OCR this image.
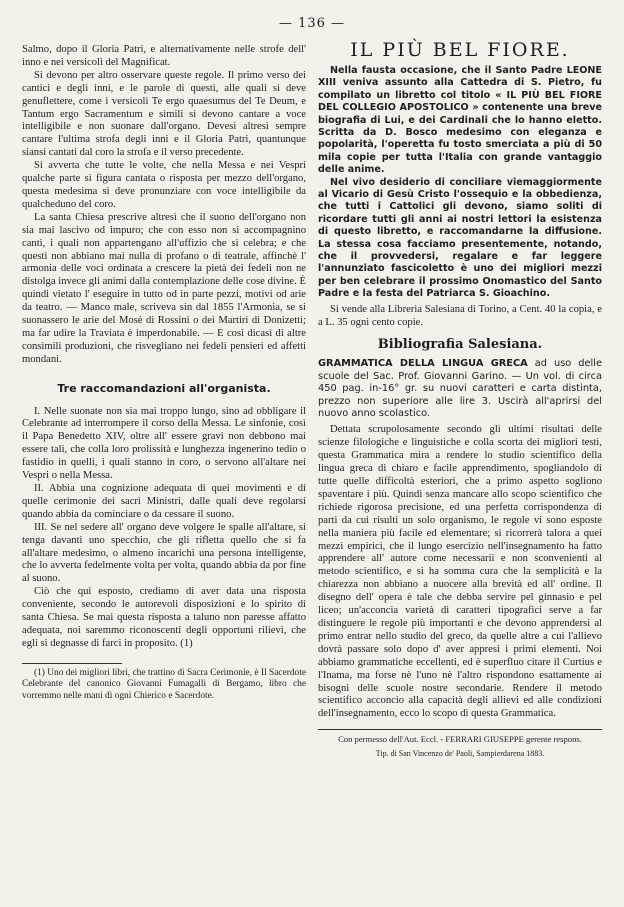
— 136 —

Salmo, dopo il Gloria Patri, e alternativamente nelle strofe dell' inno e nei versicoli del Magnificat.

Si devono per altro osservare queste regole. Il primo verso dei cantici e degli inni, e le parole di questi, alle quali si deve genuflettere, come i versicoli Te ergo quaesumus del Te Deum, e Tantum ergo Sacramentum e simili si devono cantare a voce intelligibile e non suonare dall'organo. Devesi altresì sempre cantare l'ultima strofa degli inni e il Gloria Patri, quantunque siansi cantati dal coro la strofa e il verso precedente.

Si avverta che tutte le volte, che nella Messa e nei Vespri qualche parte si figura cantata o risposta per mezzo dell'organo, questa medesima si deve pronunziare con voce intelligibile da qualcheduno del coro.

La santa Chiesa prescrive altresì che il suono dell'organo non sia mai lascivo od impuro; che con esso non si accompagnino canti, i quali non appartengano all'uffizio che si celebra; e che questi non abbiano mai nulla di profano o di teatrale, affinchè l' armonia delle voci ordinata a crescere la pietà dei fedeli non ne distolga invece gli animi dalla contemplazione delle cose divine. È quindi vietato l' eseguire in tutto od in parte pezzi, motivi od arie da teatro. — Manco male, scriveva sin dal 1855 l'Armonia, se si suonassero le arie del Mosè di Rossini o dei Martiri di Donizetti; ma far udire la Traviata è imperdonabile. — E così dicasi di altre consimili produzioni, che risvegliano nei fedeli pensieri ed affetti mondani.

Tre raccomandazioni all'organista.

I. Nelle suonate non sia mai troppo lungo, sino ad obbligare il Celebrante ad interrompere il corso della Messa. Le sinfonie, così il Papa Benedetto XIV, oltre all' essere gravi non debbono mai essere tali, che colla loro prolissità e lunghezza ingenerino tedio o fastidio in quelli, i quali stanno in coro, o servono all'altare nei Vespri o nella Messa.

II. Abbia una cognizione adequata di quei movimenti e di quelle cerimonie dei sacri Ministri, dalle quali deve regolarsi quando abbia da cominciare o da cessare il suono.

III. Se nel sedere all' organo deve volgere le spalle all'altare, si tenga davanti uno specchio, che gli rifletta quello che si fa all'altare medesimo, o almeno incarichi una persona intelligente, che lo avverta fedelmente volta per volta, quando abbia da por fine al suono.

Ciò che qui esposto, crediamo di aver data una risposta conveniente, secondo le autorevoli disposizioni e lo spirito di santa Chiesa. Se mai questa risposta a taluno non paresse affatto adequata, noi saremmo riconoscenti degli opportuni rilievi, che egli si degnasse di farci in proposito. (1)

(1) Uno dei migliori libri, che trattino di Sacra Cerimonie, è Il Sacerdote Celebrante del canonico Giovanni Fumagalli di Bergamo, libro che vorremmo nelle mani di ogni Chierico e Sacerdote.

IL PIÙ BEL FIORE.

Nella fausta occasione, che il Santo Padre LEONE XIII veniva assunto alla Cattedra di S. Pietro, fu compilato un libretto col titolo « IL PIÙ BEL FIORE DEL COLLEGIO APOSTOLICO » contenente una breve biografia di Lui, e dei Cardinali che lo hanno eletto. Scritta da D. Bosco medesimo con eleganza e popolarità, l'operetta fu tosto smerciata a più di 50 mila copie per tutta l'Italia con grande vantaggio delle anime.

Nel vivo desiderio di conciliare viemaggiormente al Vicario di Gesù Cristo l'ossequio e la obbedienza, che tutti i Cattolici gli devono, siamo soliti di ricordare tutti gli anni ai nostri lettori la esistenza di questo libretto, e raccomandarne la diffusione. La stessa cosa facciamo presentemente, notando, che il provvedersi, regalare e far leggere l'annunziato fascicoletto è uno dei migliori mezzi per ben celebrare il prossimo Onomastico del Santo Padre e la festa del Patriarca S. Gioachino.

Si vende alla Libreria Salesiana di Torino, a Cent. 40 la copia, e a L. 35 ogni cento copie.

Bibliografia Salesiana.

GRAMMATICA DELLA LINGUA GRECA ad uso delle scuole del Sac. Prof. Giovanni Garino. — Un vol. di circa 450 pag. in-16° gr. su nuovi caratteri e carta distinta, prezzo non superiore alle lire 3. Uscirà all'aprirsi del nuovo anno scolastico.

Dettata scrupolosamente secondo gli ultimi risultati delle scienze filologiche e linguistiche e colla scorta dei migliori testi, questa Grammatica mira a rendere lo studio scientifico della lingua greca di chiaro e facile apprendimento, spogliandolo di tutte quelle difficoltà esteriori, che a primo aspetto sogliono spaventare i più. Quindi senza mancare allo scopo scientifico che richiede rigorosa precisione, ed una perfetta corrispondenza di parti da cui risulti un solo organismo, le regole vi sono esposte nella maniera più facile ed elementare; si ricorrerà talora a quei mezzi empirici, che il lungo esercizio nell'insegnamento ha fatto apprendere all' autore come necessarii e non sconvenienti al metodo scientifico, e si ha somma cura che la semplicità e la chiarezza non abbiano a nuocere alla brevità ed all' ordine. Il disegno dell' opera è tale che debba servire pel ginnasio e pel liceo; un'acconcia varietà di caratteri tipografici serve a far distinguere le regole più importanti e che devono apprendersi al primo entrar nello studio del greco, da quelle altre a cui l'allievo dovrà passare solo dopo d' aver appresi i primi elementi. Noi abbiamo grammatiche eccellenti, ed è superfluo citare il Curtius e l'Inama, ma forse nè l'uno nè l'altro rispondono esattamente ai bisogni delle scuole nostre secondarie. Rendere il metodo scientifico acconcio alla capacità degli allievi ed alle condizioni dell'insegnamento, ecco lo scopo di questa Grammatica.

Con permesso dell'Aut. Eccl. - FERRARI GIUSEPPE gerente respons.

Tip. di San Vincenzo de' Paoli, Sampierdarena 1883.
